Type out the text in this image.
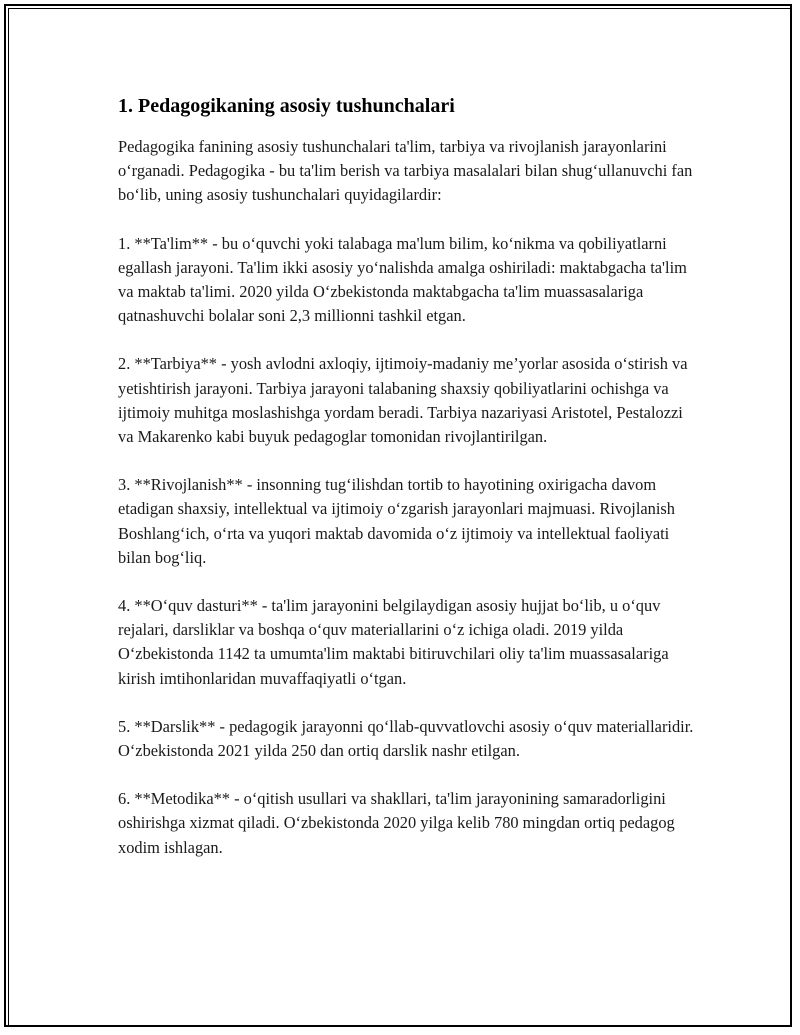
1. Pedagogikaning asosiy tushunchalari

Pedagogika fanining asosiy tushunchalari ta'lim, tarbiya va rivojlanish jarayonlarini o‘rganadi. Pedagogika - bu ta'lim berish va tarbiya masalalari bilan shug‘ullanuvchi fan bo‘lib, uning asosiy tushunchalari quyidagilardir:

1. **Ta'lim** - bu o‘quvchi yoki talabaga ma'lum bilim, ko‘nikma va qobiliyatlarni egallash jarayoni. Ta'lim ikki asosiy yo‘nalishda amalga oshiriladi: maktabgacha ta'lim va maktab ta'limi. 2020 yilda O‘zbekistonda maktabgacha ta'lim muassasalariga qatnashuvchi bolalar soni 2,3 millionni tashkil etgan.

2. **Tarbiya** - yosh avlodni axloqiy, ijtimoiy-madaniy me’yorlar asosida o‘stirish va yetishtirish jarayoni. Tarbiya jarayoni talabaning shaxsiy qobiliyatlarini ochishga va ijtimoiy muhitga moslashishga yordam beradi. Tarbiya nazariyasi Aristotel, Pestalozzi va Makarenko kabi buyuk pedagoglar tomonidan rivojlantirilgan.

3. **Rivojlanish** - insonning tug‘ilishdan tortib to hayotining oxirigacha davom etadigan shaxsiy, intellektual va ijtimoiy o‘zgarish jarayonlari majmuasi. Rivojlanish Boshlang‘ich, o‘rta va yuqori maktab davomida o‘z ijtimoiy va intellektual faoliyati bilan bog‘liq.

4. **O‘quv dasturi** - ta'lim jarayonini belgilaydigan asosiy hujjat bo‘lib, u o‘quv rejalari, darsliklar va boshqa o‘quv materiallarini o‘z ichiga oladi. 2019 yilda O‘zbekistonda 1142 ta umumta'lim maktabi bitiruvchilari oliy ta'lim muassasalariga kirish imtihonlaridan muvaffaqiyatli o‘tgan.

5. **Darslik** - pedagogik jarayonni qo‘llab-quvvatlovchi asosiy o‘quv materiallaridir. O‘zbekistonda 2021 yilda 250 dan ortiq darslik nashr etilgan.

6. **Metodika** - o‘qitish usullari va shakllari, ta'lim jarayonining samaradorligini oshirishga xizmat qiladi. O‘zbekistonda 2020 yilga kelib 780 mingdan ortiq pedagog xodim ishlagan.
